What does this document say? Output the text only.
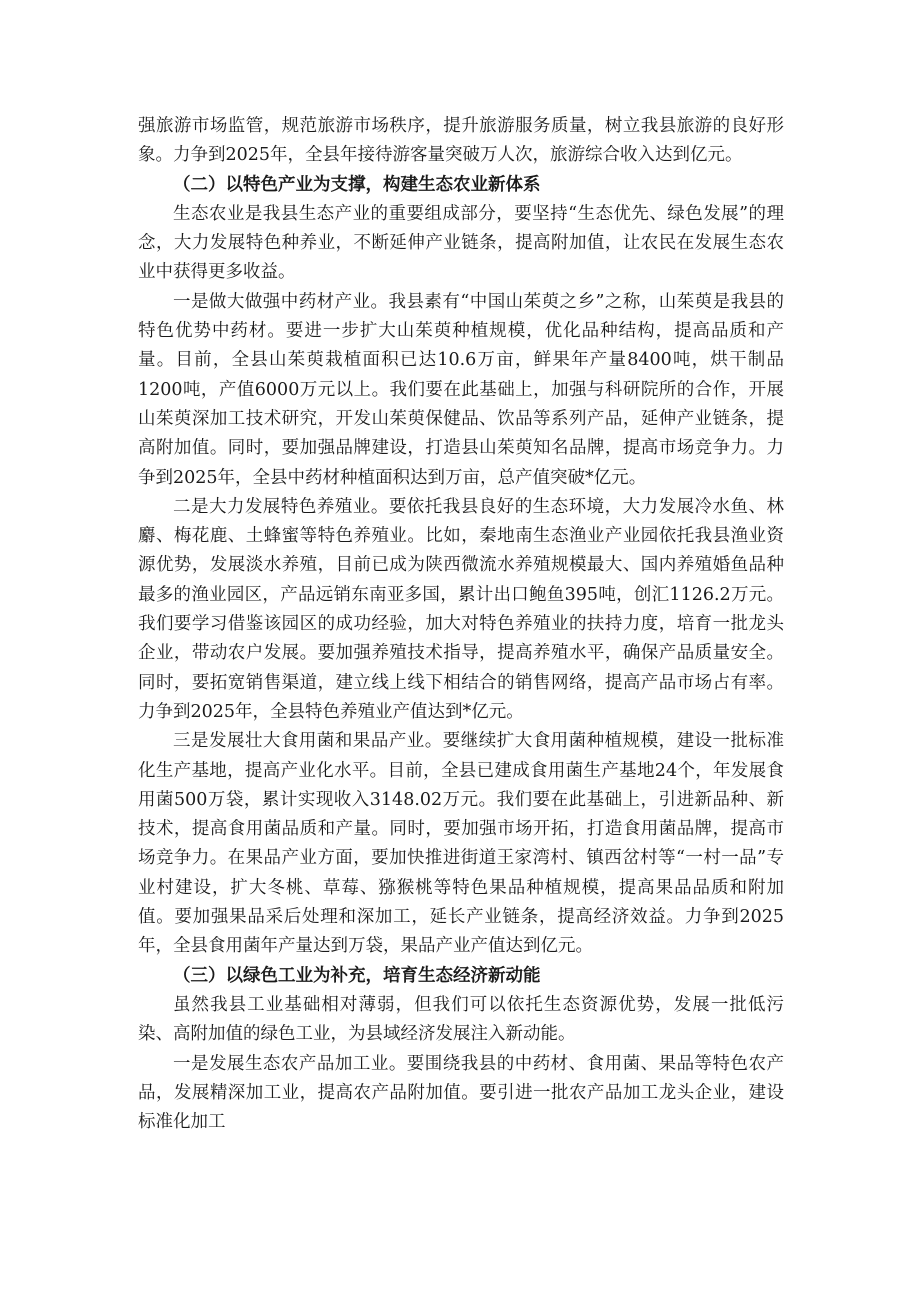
强旅游市场监管，规范旅游市场秩序，提升旅游服务质量，树立我县旅游的良好形象。力争到2025年，全县年接待游客量突破万人次，旅游综合收入达到亿元。

（二）以特色产业为支撑，构建生态农业新体系

生态农业是我县生态产业的重要组成部分，要坚持“生态优先、绿色发展”的理念，大力发展特色种养业，不断延伸产业链条，提高附加值，让农民在发展生态农业中获得更多收益。

一是做大做强中药材产业。我县素有“中国山茱萸之乡”之称，山茱萸是我县的特色优势中药材。要进一步扩大山茱萸种植规模，优化品种结构，提高品质和产量。目前，全县山茱萸栽植面积已达10.6万亩，鲜果年产量8400吨，烘干制品1200吨，产值6000万元以上。我们要在此基础上，加强与科研院所的合作，开展山茱萸深加工技术研究，开发山茱萸保健品、饮品等系列产品，延伸产业链条，提高附加值。同时，要加强品牌建设，打造县山茱萸知名品牌，提高市场竞争力。力争到2025年，全县中药材种植面积达到万亩，总产值突破*亿元。

二是大力发展特色养殖业。要依托我县良好的生态环境，大力发展冷水鱼、林麝、梅花鹿、土蜂蜜等特色养殖业。比如，秦地南生态渔业产业园依托我县渔业资源优势，发展淡水养殖，目前已成为陕西微流水养殖规模最大、国内养殖婚鱼品种最多的渔业园区，产品远销东南亚多国，累计出口鲍鱼395吨，创汇1126.2万元。我们要学习借鉴该园区的成功经验，加大对特色养殖业的扶持力度，培育一批龙头企业，带动农户发展。要加强养殖技术指导，提高养殖水平，确保产品质量安全。同时，要拓宽销售渠道，建立线上线下相结合的销售网络，提高产品市场占有率。力争到2025年，全县特色养殖业产值达到*亿元。

三是发展壮大食用菌和果品产业。要继续扩大食用菌种植规模，建设一批标准化生产基地，提高产业化水平。目前，全县已建成食用菌生产基地24个，年发展食用菌500万袋，累计实现收入3148.02万元。我们要在此基础上，引进新品种、新技术，提高食用菌品质和产量。同时，要加强市场开拓，打造食用菌品牌，提高市场竞争力。在果品产业方面，要加快推进街道王家湾村、镇西岔村等“一村一品”专业村建设，扩大冬桃、草莓、猕猴桃等特色果品种植规模，提高果品品质和附加值。要加强果品采后处理和深加工，延长产业链条，提高经济效益。力争到2025年，全县食用菌年产量达到万袋，果品产业产值达到亿元。

（三）以绿色工业为补充，培育生态经济新动能

虽然我县工业基础相对薄弱，但我们可以依托生态资源优势，发展一批低污染、高附加值的绿色工业，为县域经济发展注入新动能。

一是发展生态农产品加工业。要围绕我县的中药材、食用菌、果品等特色农产品，发展精深加工业，提高农产品附加值。要引进一批农产品加工龙头企业，建设标准化加工
